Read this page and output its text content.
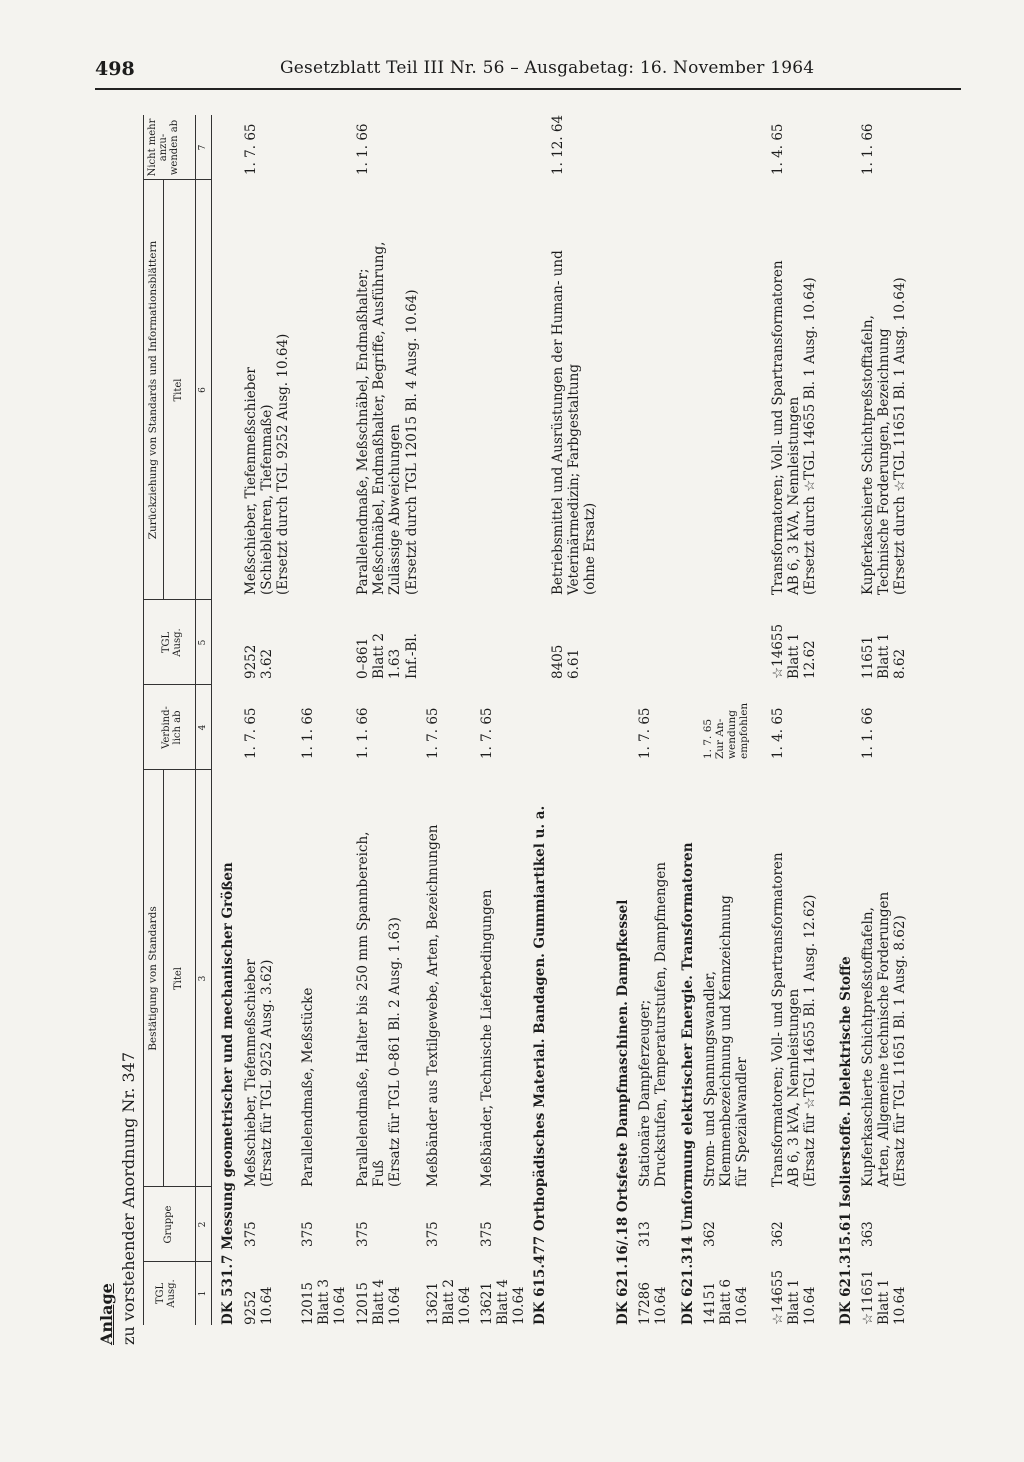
498	Gesetzblatt Teil III Nr. 56 – Ausgabetag: 16. November 1964
Anlage zu vorstehender Anordnung Nr. 347
Bestätigung von Standards
Zurückziehung von Standards und Informationsblättern
TGL
Ausg.
Gruppe
Titel
Verbind-
lich ab
TGL
Ausg.
Titel
Nicht mehr
anzu-
wenden ab
1
2
3
4
5
6
7
DK 531.7 Messung geometrischer und mechanischer Größen 9252
10.64
375
Meßschieber, Tiefenmeßschieber
(Ersatz für TGL 9252 Ausg. 3.62)
1. 7. 65
9252
3.62
Meßschieber, Tiefenmeßschieber
(Schieblehren, Tiefenmaße)
(Ersetzt durch TGL 9252 Ausg. 10.64)
1. 7. 65
12015
Blatt 3
10.64
375
Parallelendmaße, Meßstücke
1. 1. 66
12015
Blatt 4
10.64
375
Parallelendmaße, Halter bis 250 mm Spannbereich,
Fuß
(Ersatz für TGL 0–861 Bl. 2 Ausg. 1.63)
1. 1. 66
0–861
Blatt 2
1.63
Inf.-Bl.
Parallelendmaße, Meßschnäbel, Endmaßhalter;
Meßschnäbel, Endmaßhalter, Begriffe, Ausführung,
Zulässige Abweichungen
(Ersetzt durch TGL 12015 Bl. 4 Ausg. 10.64)
1. 1. 66
13621
Blatt 2
10.64
375
Meßbänder aus Textilgewebe, Arten, Bezeichnungen
1. 7. 65
13621
Blatt 4
10.64
375
Meßbänder, Technische Lieferbedingungen
1. 7. 65
DK 615.477 Orthopädisches Material. Bandagen. Gummiartikel u. a.
8405
6.61
Betriebsmittel und Ausrüstungen der Human- und
Veterinärmedizin; Farbgestaltung
(ohne Ersatz)
1. 12. 64
DK 621.16/.18 Ortsfeste Dampfmaschinen. Dampfkessel 17286
10.64
313
Stationäre Dampferzeuger;
Druckstufen, Temperaturstufen, Dampfmengen
1. 7. 65
DK 621.314 Umformung elektrischer Energie. Transformatoren 14151
Blatt 6
10.64
362
Strom- und Spannungswandler,
Klemmenbezeichnung und Kennzeichnung
für Spezialwandler
1. 7. 65
Zur An-
wendung
empfohlen
☆14655
Blatt 1
10.64
362
Transformatoren; Voll- und Spartransformatoren
AB 6, 3 kVA, Nennleistungen
(Ersatz für ☆TGL 14655 Bl. 1 Ausg. 12.62)
1. 4. 65
☆14655
Blatt 1
12.62
Transformatoren; Voll- und Spartransformatoren
AB 6, 3 kVA, Nennleistungen
(Ersetzt durch ☆TGL 14655 Bl. 1 Ausg. 10.64)
1. 4. 65
DK 621.315.61 Isolierstoffe. Dielektrische Stoffe ☆11651
Blatt 1
10.64
363
Kupferkaschierte Schichtpreßstofftafeln,
Arten, Allgemeine technische Forderungen
(Ersatz für TGL 11651 Bl. 1 Ausg. 8.62)
1. 1. 66
11651
Blatt 1
8.62
Kupferkaschierte Schichtpreßstofftafeln,
Technische Forderungen, Bezeichnung
(Ersetzt durch ☆TGL 11651 Bl. 1 Ausg. 10.64)
1. 1. 66
